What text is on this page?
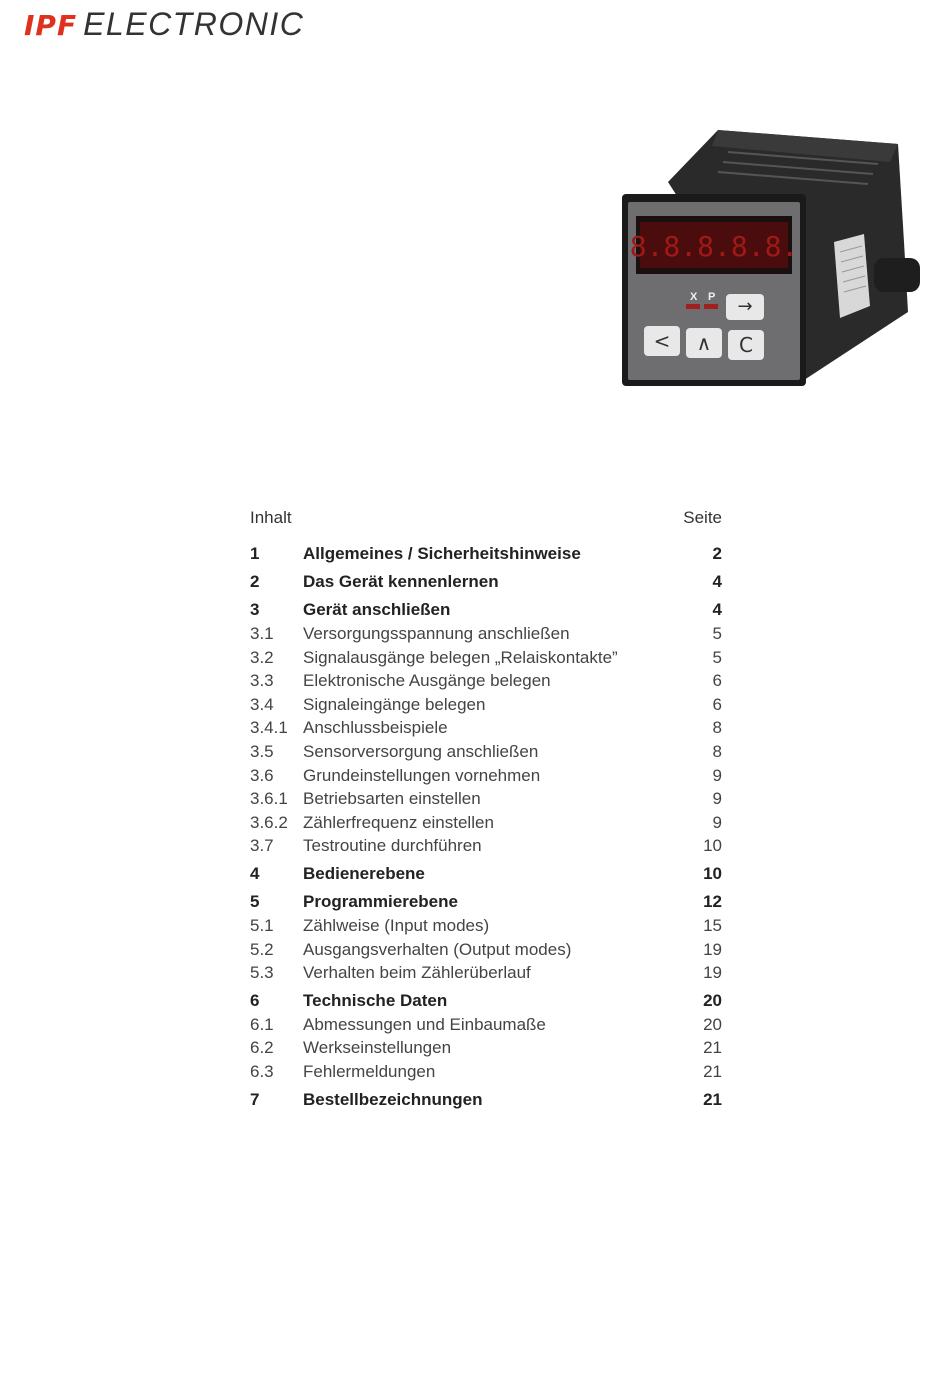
IPF ELECTRONIC
8.8.8.8.8.
X P →
< ∧ C
Inhalt	Seite
1	Allgemeines / Sicherheitshinweise	2
2	Das Gerät kennenlernen	4
3	Gerät anschließen	4
3.1 Versorgungsspannung anschließen	5
3.2 Signalausgänge belegen „Relaiskontakte”	5
3.3 Elektronische Ausgänge belegen	6
3.4 Signaleingänge belegen	6
3.4.1 Anschlussbeispiele	8
3.5 Sensorversorgung anschließen	8
3.6 Grundeinstellungen vornehmen	9
3.6.1 Betriebsarten einstellen	9
3.6.2 Zählerfrequenz einstellen	9
3.7 Testroutine durchführen	10
4	Bedienerebene	10
5	Programmierebene	12
5.1 Zählweise (Input modes)	15
5.2 Ausgangsverhalten (Output modes)	19
5.3 Verhalten beim Zählerüberlauf	19
6	Technische Daten	20
6.1 Abmessungen und Einbaumaße	20
6.2 Werkseinstellungen	21
6.3 Fehlermeldungen	21
7	Bestellbezeichnungen	21
